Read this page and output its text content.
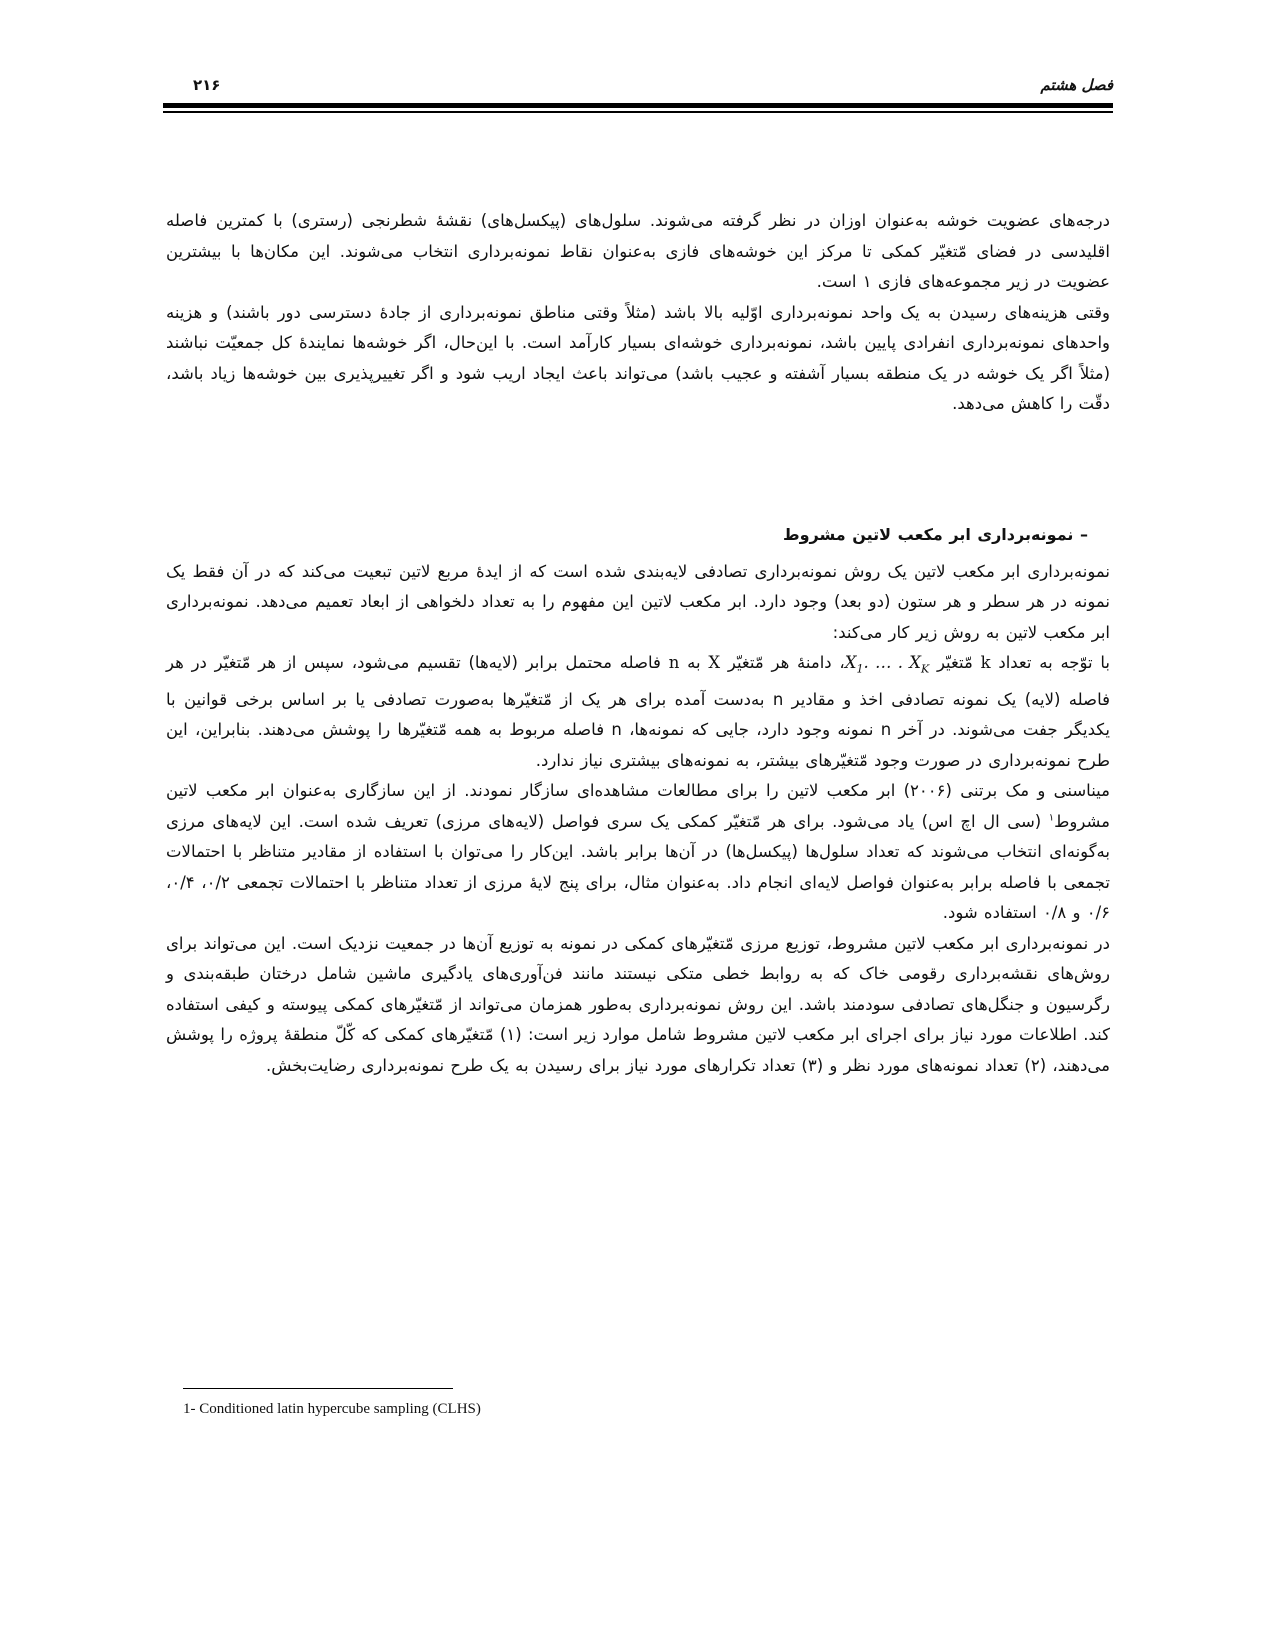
فصل هشتم
۲۱۶

درجه‌های عضویت خوشه به‌عنوان اوزان در نظر گرفته می‌شوند. سلول‌های (پیکسل‌های) نقشهٔ شطرنجی (رستری) با کمترین فاصله اقلیدسی در فضای مّتغیّر کمکی تا مرکز این خوشه‌های فازی به‌عنوان نقاط نمونه‌برداری انتخاب می‌شوند. این مکان‌ها با بیشترین عضویت در زیر مجموعه‌های فازی ۱ است.

وقتی هزینه‌های رسیدن به یک واحد نمونه‌برداری اوّلیه بالا باشد (مثلاً وقتی مناطق نمونه‌برداری از جادهٔ دسترسی دور باشند) و هزینه واحدهای نمونه‌برداری انفرادی پایین باشد، نمونه‌برداری خوشه‌ای بسیار کارآمد است. با این‌حال، اگر خوشه‌ها نمایندهٔ کل جمعیّت نباشند (مثلاً اگر یک خوشه در یک منطقه بسیار آشفته و عجیب باشد) می‌تواند باعث ایجاد اریب شود و اگر تغییرپذیری بین خوشه‌ها زیاد باشد، دقّت را کاهش می‌دهد.

– نمونه‌برداری ابر مکعب لاتین مشروط

نمونه‌برداری ابر مکعب لاتین یک روش نمونه‌برداری تصادفی لایه‌بندی شده است که از ایدهٔ مربع لاتین تبعیت می‌کند که در آن فقط یک نمونه در هر سطر و هر ستون (دو بعد) وجود دارد. ابر مکعب لاتین این مفهوم را به تعداد دلخواهی از ابعاد تعمیم می‌دهد. نمونه‌برداری ابر مکعب لاتین به روش زیر کار می‌کند:

با توّجه به تعداد k مّتغیّر $X_1$. … . $X_K،$ دامنهٔ هر مّتغیّر X به n فاصله محتمل برابر (لایه‌ها) تقسیم می‌شود، سپس از هر مّتغیّر در هر فاصله (لایه) یک نمونه تصادفی اخذ و مقادیر n به‌دست آمده برای هر یک از مّتغیّرها به‌صورت تصادفی یا بر اساس برخی قوانین با یکدیگر جفت می‌شوند. در آخر n نمونه وجود دارد، جایی که نمونه‌ها، n فاصله مربوط به همه مّتغیّرها را پوشش می‌دهند. بنابراین، این طرح نمونه‌برداری در صورت وجود مّتغیّرهای بیشتر، به نمونه‌های بیشتری نیاز ندارد.

میناسنی و مک برتنی (۲۰۰۶) ابر مکعب لاتین را برای مطالعات مشاهده‌ای سازگار نمودند. از این سازگاری به‌عنوان ابر مکعب لاتین مشروط$^۱$ (سی ال اچ اس) یاد می‌شود. برای هر مّتغیّر کمکی یک سری فواصل (لایه‌های مرزی) تعریف شده است. این لایه‌های مرزی به‌گونه‌ای انتخاب می‌شوند که تعداد سلول‌ها (پیکسل‌ها) در آن‌ها برابر باشد. این‌کار را می‌توان با استفاده از مقادیر متناظر با احتمالات تجمعی با فاصله برابر به‌عنوان فواصل لایه‌ای انجام داد. به‌عنوان مثال، برای پنج لایهٔ مرزی از تعداد متناظر با احتمالات تجمعی ۰/۲، ۰/۴، ۰/۶ و ۰/۸ استفاده شود.

در نمونه‌برداری ابر مکعب لاتین مشروط، توزیع مرزی مّتغیّرهای کمکی در نمونه به توزیع آن‌ها در جمعیت نزدیک است. این می‌تواند برای روش‌های نقشه‌برداری رقومی خاک که به روابط خطی متکی نیستند مانند فن‌آوری‌های یادگیری ماشین شامل درختان طبقه‌بندی و رگرسیون و جنگل‌های تصادفی سودمند باشد. این روش نمونه‌برداری به‌طور همزمان می‌تواند از مّتغیّرهای کمکی پیوسته و کیفی استفاده کند. اطلاعات مورد نیاز برای اجرای ابر مکعب لاتین مشروط شامل موارد زیر است: (۱) مّتغیّرهای کمکی که کّلّ منطقهٔ پروژه را پوشش می‌دهند، (۲) تعداد نمونه‌های مورد نظر و (۳) تعداد تکرارهای مورد نیاز برای رسیدن به یک طرح نمونه‌برداری رضایت‌بخش.

1- Conditioned latin hypercube sampling (CLHS)
